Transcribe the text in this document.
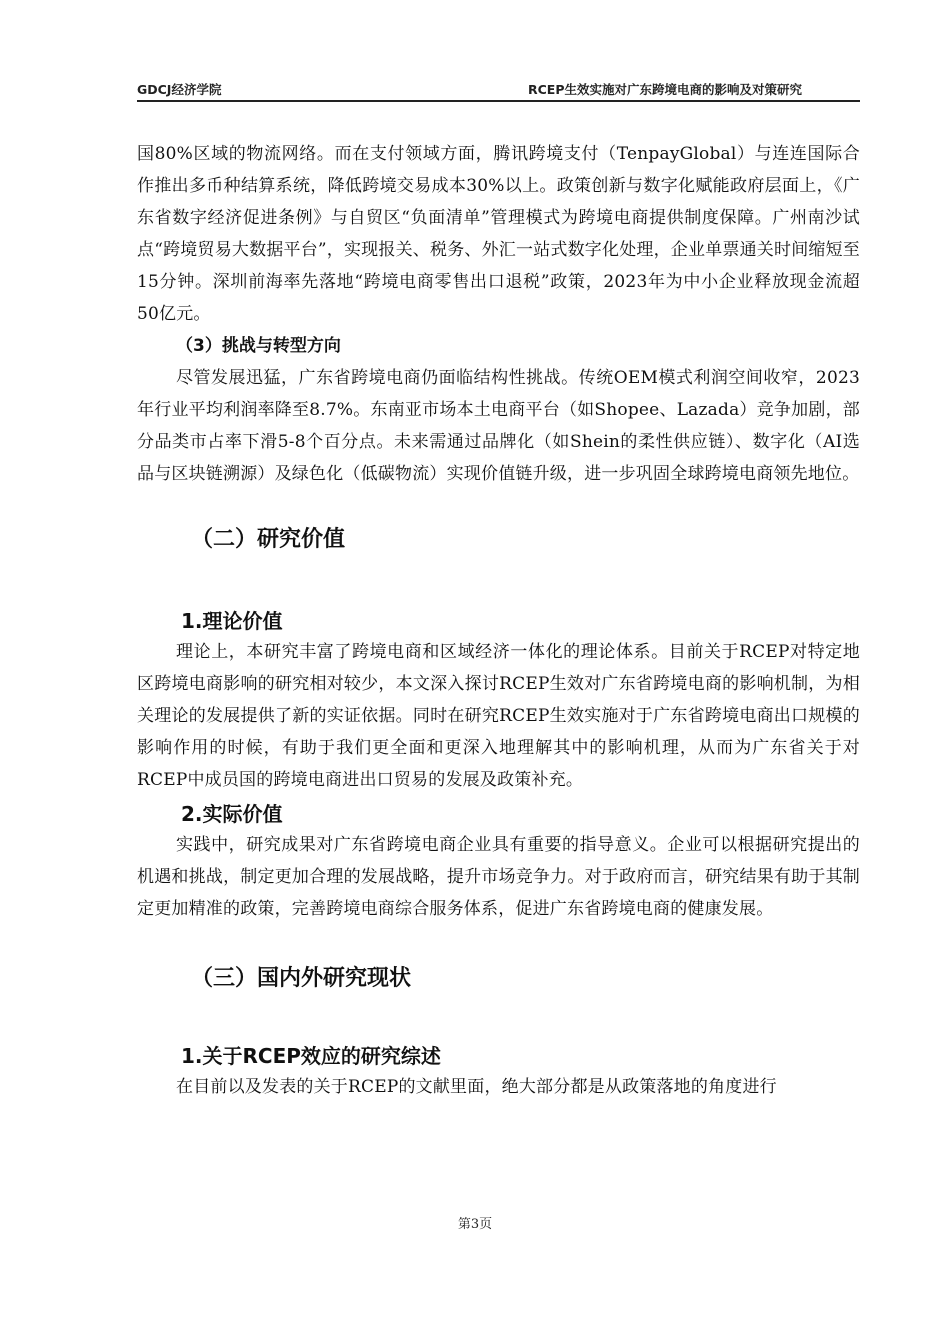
GDCJ经济学院	RCEP生效实施对广东跨境电商的影响及对策研究

国80%区域的物流网络。而在支付领域方面，腾讯跨境支付（TenpayGlobal）与连连国际合作推出多币种结算系统，降低跨境交易成本30%以上。政策创新与数字化赋能政府层面上，《广东省数字经济促进条例》与自贸区“负面清单”管理模式为跨境电商提供制度保障。广州南沙试点“跨境贸易大数据平台”，实现报关、税务、外汇一站式数字化处理，企业单票通关时间缩短至15分钟。深圳前海率先落地“跨境电商零售出口退税”政策，2023年为中小企业释放现金流超50亿元。

（3）挑战与转型方向

尽管发展迅猛，广东省跨境电商仍面临结构性挑战。传统OEM模式利润空间收窄，2023年行业平均利润率降至8.7%。东南亚市场本土电商平台（如Shopee、Lazada）竞争加剧，部分品类市占率下滑5-8个百分点。未来需通过品牌化（如Shein的柔性供应链）、数字化（AI选品与区块链溯源）及绿色化（低碳物流）实现价值链升级，进一步巩固全球跨境电商领先地位。

（二）研究价值
1.理论价值

理论上，本研究丰富了跨境电商和区域经济一体化的理论体系。目前关于RCEP对特定地区跨境电商影响的研究相对较少，本文深入探讨RCEP生效对广东省跨境电商的影响机制，为相关理论的发展提供了新的实证依据。同时在研究RCEP生效实施对于广东省跨境电商出口规模的影响作用的时候，有助于我们更全面和更深入地理解其中的影响机理，从而为广东省关于对RCEP中成员国的跨境电商进出口贸易的发展及政策补充。

2.实际价值

实践中，研究成果对广东省跨境电商企业具有重要的指导意义。企业可以根据研究提出的机遇和挑战，制定更加合理的发展战略，提升市场竞争力。对于政府而言，研究结果有助于其制定更加精准的政策，完善跨境电商综合服务体系，促进广东省跨境电商的健康发展。

（三）国内外研究现状
1.关于RCEP效应的研究综述

在目前以及发表的关于RCEP的文献里面，绝大部分都是从政策落地的角度进行

第3页
